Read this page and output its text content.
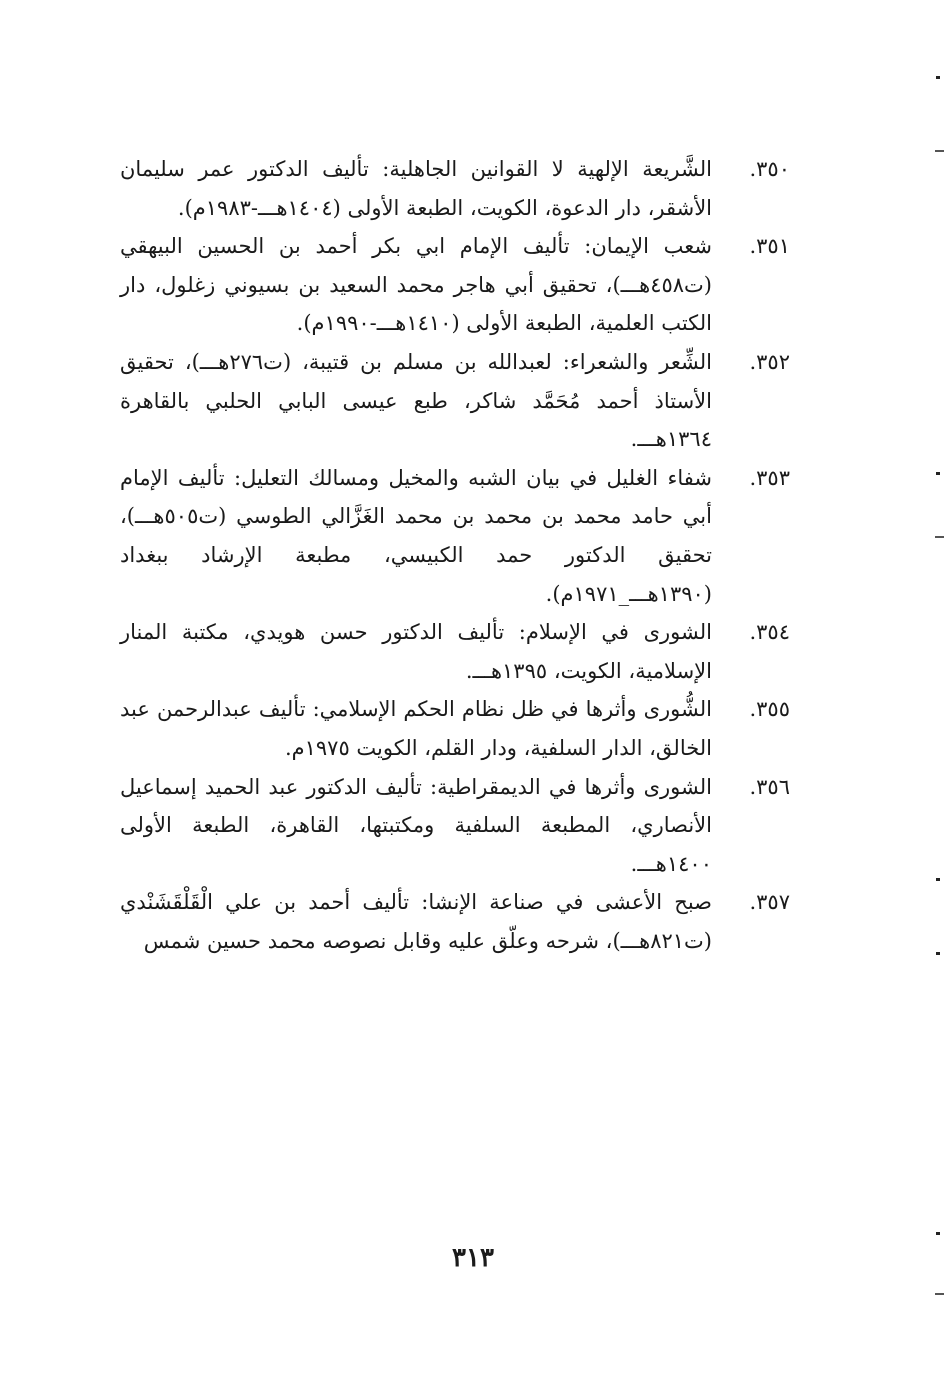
٣٥٠.
الشَّريعة الإلهية لا القوانين الجاهلية: تأليف الدكتور عمر سليمان الأشقر، دار الدعوة، الكويت، الطبعة الأولى (١٤٠٤هـــ-١٩٨٣م).
٣٥١.
شعب الإيمان: تأليف الإمام ابي بكر أحمد بن الحسين البيهقي (ت٤٥٨هـــ)، تحقيق أبي هاجر محمد السعيد بن بسيوني زغلول، دار الكتب العلمية، الطبعة الأولى (١٤١٠هـــ-١٩٩٠م).
٣٥٢.
الشِّعر والشعراء: لعبدالله بن مسلم بن قتيبة، (ت٢٧٦هـــ)، تحقيق الأستاذ أحمد مُحَمَّد شاكر، طبع عيسى البابي الحلبي بالقاهرة ١٣٦٤هـــ.
٣٥٣.
شفاء الغليل في بيان الشبه والمخيل ومسالك التعليل: تأليف الإمام أبي حامد محمد بن محمد بن محمد الغَزَّالي الطوسي (ت٥٠٥هـــ)، تحقيق الدكتور حمد الكبيسي، مطبعة الإرشاد ببغداد (١٣٩٠هـــ_١٩٧١م).
٣٥٤.
الشورى في الإسلام: تأليف الدكتور حسن هويدي، مكتبة المنار الإسلامية، الكويت، ١٣٩٥هـــ.
٣٥٥.
الشُّورى وأثرها في ظل نظام الحكم الإسلامي: تأليف عبدالرحمن عبد الخالق، الدار السلفية، ودار القلم، الكويت ١٩٧٥م.
٣٥٦.
الشورى وأثرها في الديمقراطية: تأليف الدكتور عبد الحميد إسماعيل الأنصاري، المطبعة السلفية ومكتبتها، القاهرة، الطبعة الأولى ١٤٠٠هـــ.
٣٥٧.
صبح الأعشى في صناعة الإنشا: تأليف أحمد بن علي الْقَلْقَشَنْدي (ت٨٢١هـــ)، شرحه وعلّق عليه وقابل نصوصه محمد حسين شمس
٣١٣
